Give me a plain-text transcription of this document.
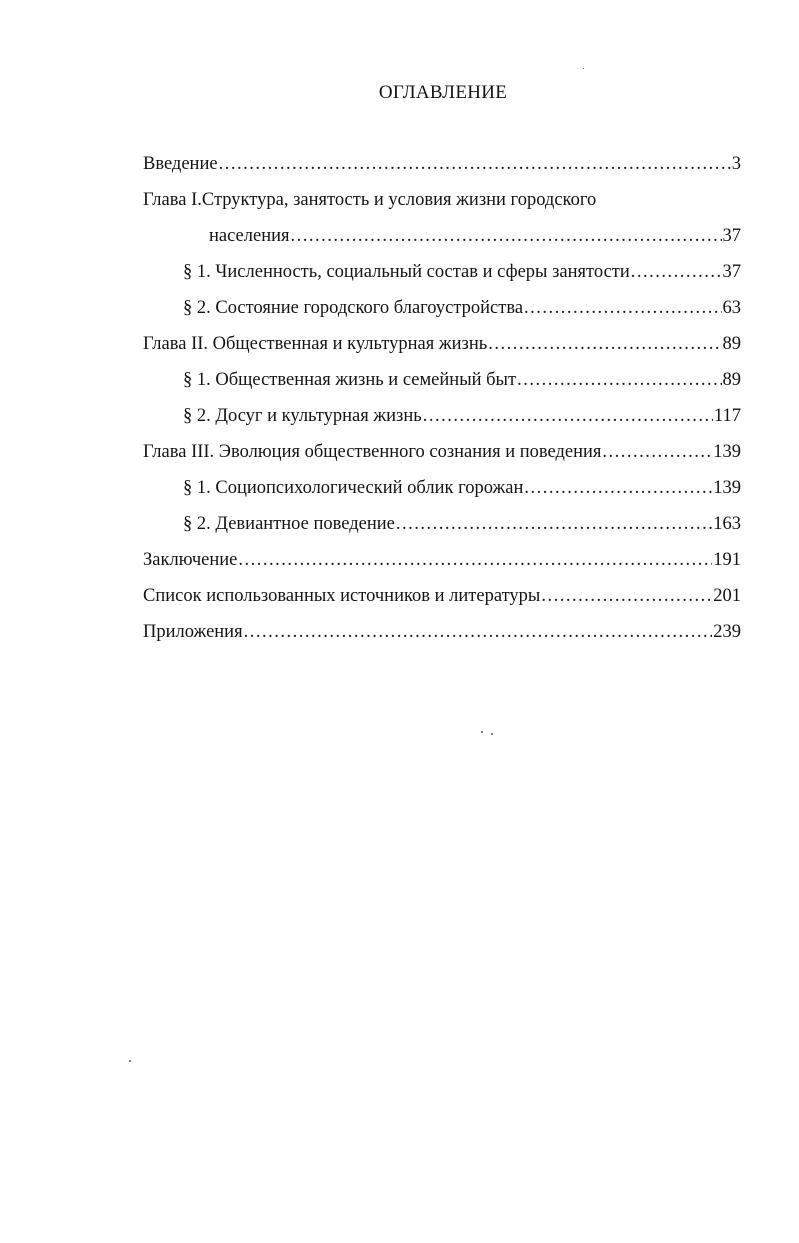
ОГЛАВЛЕНИЕ
Введение .....	3
Глава I.Структура, занятость и условия жизни городского
населения .....	37
§ 1. Численность, социальный состав и сферы занятости .....	37
§ 2. Состояние городского благоустройства .....	63
Глава II. Общественная и культурная жизнь .....	89
§ 1. Общественная жизнь и семейный быт .....	89
§ 2. Досуг и культурная жизнь .....	117
Глава III. Эволюция общественного сознания и поведения .....	139
§ 1. Социопсихологический облик горожан .....	139
§ 2. Девиантное поведение .....	163
Заключение .....	191
Список использованных источников и литературы .....	201
Приложения .....	239
